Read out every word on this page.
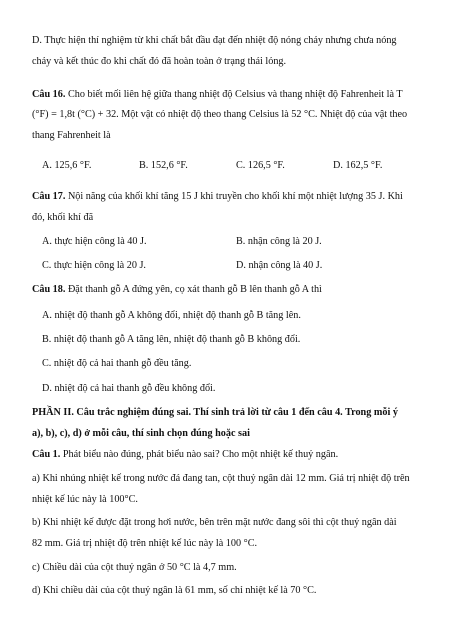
D. Thực hiện thí nghiệm từ khi chất bắt đầu đạt đến nhiệt độ nóng chảy nhưng chưa nóng
chảy và kết thúc đo khi chất đó đã hoàn toàn ở trạng thái lỏng.
Câu 16. Cho biết mối liên hệ giữa thang nhiệt độ Celsius và thang nhiệt độ Fahrenheit là T
(°F) = 1,8t (°C) + 32. Một vật có nhiệt độ theo thang Celsius là 52 °C. Nhiệt độ của vật theo
thang Fahrenheit là
A. 125,6 °F.	B. 152,6 °F.	C. 126,5 °F.	D. 162,5 °F.
Câu 17. Nội năng của khối khí tăng 15 J khi truyền cho khối khí một nhiệt lượng 35 J. Khi
đó, khối khí đã
A. thực hiện công là 40 J.	B. nhận công là 20 J.
C. thực hiện công là 20 J.	D. nhận công là 40 J.
Câu 18. Đặt thanh gỗ A đứng yên, cọ xát thanh gỗ B lên thanh gỗ A thì
A. nhiệt độ thanh gỗ A không đổi, nhiệt độ thanh gỗ B tăng lên.
B. nhiệt độ thanh gỗ A tăng lên, nhiệt độ thanh gỗ B không đổi.
C. nhiệt độ cả hai thanh gỗ đều tăng.
D. nhiệt độ cả hai thanh gỗ đều không đổi.
PHẦN II. Câu trắc nghiệm đúng sai. Thí sinh trả lời từ câu 1 đến câu 4. Trong mỗi ý
a), b), c), d) ở mỗi câu, thí sinh chọn đúng hoặc sai
Câu 1. Phát biểu nào đúng, phát biểu nào sai? Cho một nhiệt kế thuỷ ngân.
a) Khi nhúng nhiệt kế trong nước đá đang tan, cột thuỷ ngân dài 12 mm. Giá trị nhiệt độ trên
nhiệt kế lúc này là 100°C.
b) Khi nhiệt kế được đặt trong hơi nước, bên trên mặt nước đang sôi thì cột thuỷ ngân dài
82 mm. Giá trị nhiệt độ trên nhiệt kế lúc này là 100 °C.
c) Chiều dài của cột thuỷ ngân ở 50 °C là 4,7 mm.
d) Khi chiều dài của cột thuỷ ngân là 61 mm, số chỉ nhiệt kế là 70 °C.
